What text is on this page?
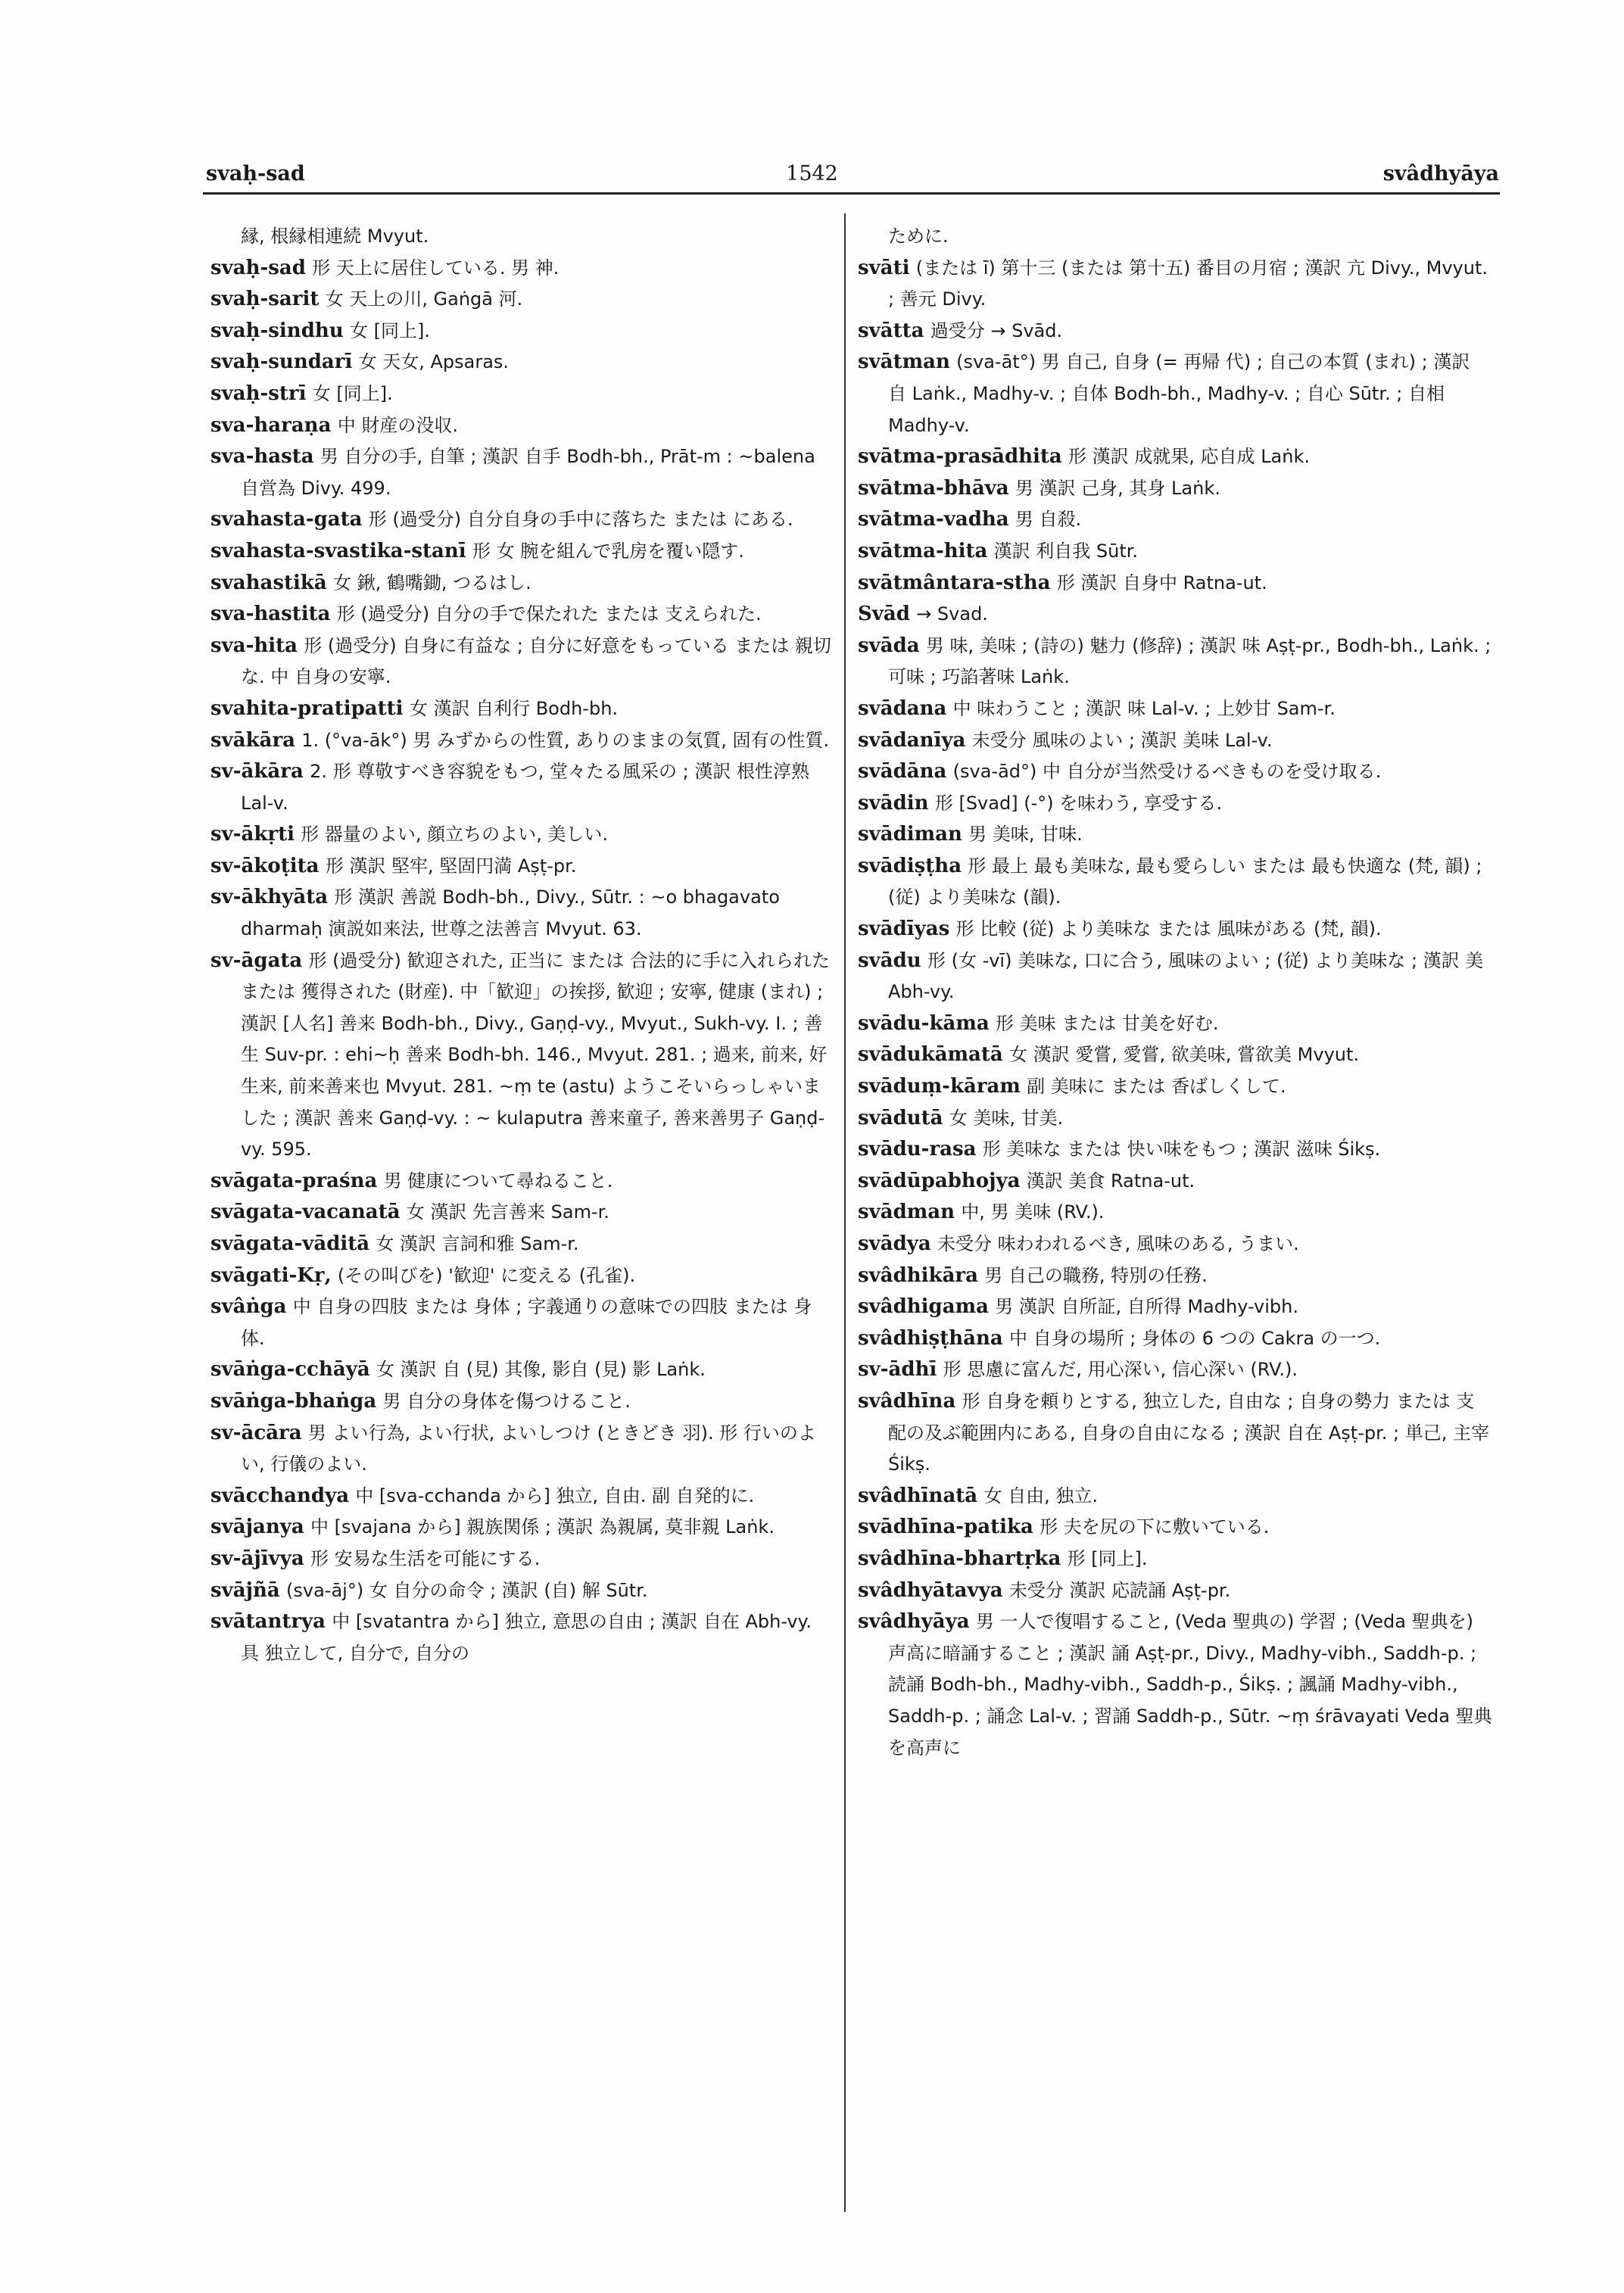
svaḥ-sad	1542	svâdhyāya
縁, 根縁相連続 Mvyut.
svaḥ-sad 形 天上に居住している. 男 神.
svaḥ-sarit 女 天上の川, Gaṅgā 河.
svaḥ-sindhu 女 [同上].
svaḥ-sundarī 女 天女, Apsaras.
svaḥ-strī 女 [同上].
sva-haraṇa 中 財産の没収.
sva-hasta 男 自分の手, 自筆 ; 漢訳 自手 Bodh-bh., Prāt-m : ~balena 自営為 Divy. 499.
svahasta-gata 形 (過受分) 自分自身の手中に落ちた または にある.
svahasta-svastika-stanī 形 女 腕を組んで乳房を覆い隠す.
svahastikā 女 鍬, 鶴嘴鋤, つるはし.
sva-hastita 形 (過受分) 自分の手で保たれた または 支えられた.
sva-hita 形 (過受分) 自身に有益な ; 自分に好意をもっている または 親切な. 中 自身の安寧.
svahita-pratipatti 女 漢訳 自利行 Bodh-bh.
svākāra 1. (°va-āk°) 男 みずからの性質, ありのままの気質, 固有の性質.
sv-ākāra 2. 形 尊敬すべき容貌をもつ, 堂々たる風采の ; 漢訳 根性淳熟 Lal-v.
sv-ākṛti 形 器量のよい, 顔立ちのよい, 美しい.
sv-ākoṭita 形 漢訳 堅牢, 堅固円満 Aṣṭ-pr.
sv-ākhyāta 形 漢訳 善説 Bodh-bh., Divy., Sūtr. : ~o bhagavato dharmaḥ 演説如来法, 世尊之法善言 Mvyut. 63.
sv-āgata 形 (過受分) 歓迎された, 正当に または 合法的に手に入れられた または 獲得された (財産). 中「歓迎」の挨拶, 歓迎 ; 安寧, 健康 (まれ) ; 漢訳 [人名] 善来 Bodh-bh., Divy., Gaṇḍ-vy., Mvyut., Sukh-vy. I. ; 善生 Suv-pr. : ehi~ḥ 善来 Bodh-bh. 146., Mvyut. 281. ; 過来, 前来, 好生来, 前来善来也 Mvyut. 281. ~ṃ te (astu) ようこそいらっしゃいました ; 漢訳 善来 Gaṇḍ-vy. : ~ kulaputra 善来童子, 善来善男子 Gaṇḍ-vy. 595.
svāgata-praśna 男 健康について尋ねること.
svāgata-vacanatā 女 漢訳 先言善来 Sam-r.
svāgata-vāditā 女 漢訳 言詞和雅 Sam-r.
svāgati-Kṛ, (その叫びを) '歓迎' に変える (孔雀).
svâṅga 中 自身の四肢 または 身体 ; 字義通りの意味での四肢 または 身体.
svāṅga-cchāyā 女 漢訳 自 (見) 其像, 影自 (見) 影 Laṅk.
svāṅga-bhaṅga 男 自分の身体を傷つけること.
sv-ācāra 男 よい行為, よい行状, よいしつけ (ときどき 羽). 形 行いのよい, 行儀のよい.
svācchandya 中 [sva-cchanda から] 独立, 自由. 副 自発的に.
svājanya 中 [svajana から] 親族関係 ; 漢訳 為親属, 莫非親 Laṅk.
sv-ājīvya 形 安易な生活を可能にする.
svājñā (sva-āj°) 女 自分の命令 ; 漢訳 (自) 解 Sūtr.
svātantrya 中 [svatantra から] 独立, 意思の自由 ; 漢訳 自在 Abh-vy. 具 独立して, 自分で, 自分の
ために.
svāti (または ī) 第十三 (または 第十五) 番目の月宿 ; 漢訳 亢 Divy., Mvyut. ; 善元 Divy.
svātta 過受分 → Svād.
svātman (sva-āt°) 男 自己, 自身 (= 再帰 代) ; 自己の本質 (まれ) ; 漢訳 自 Laṅk., Madhy-v. ; 自体 Bodh-bh., Madhy-v. ; 自心 Sūtr. ; 自相 Madhy-v.
svātma-prasādhita 形 漢訳 成就果, 応自成 Laṅk.
svātma-bhāva 男 漢訳 己身, 其身 Laṅk.
svātma-vadha 男 自殺.
svātma-hita 漢訳 利自我 Sūtr.
svātmântara-stha 形 漢訳 自身中 Ratna-ut.
Svād → Svad.
svāda 男 味, 美味 ; (詩の) 魅力 (修辞) ; 漢訳 味 Aṣṭ-pr., Bodh-bh., Laṅk. ; 可味 ; 巧諂著味 Laṅk.
svādana 中 味わうこと ; 漢訳 味 Lal-v. ; 上妙甘 Sam-r.
svādanīya 未受分 風味のよい ; 漢訳 美味 Lal-v.
svādāna (sva-ād°) 中 自分が当然受けるべきものを受け取る.
svādin 形 [Svad] (-°) を味わう, 享受する.
svādiman 男 美味, 甘味.
svādiṣṭha 形 最上 最も美味な, 最も愛らしい または 最も快適な (梵, 韻) ; (従) より美味な (韻).
svādīyas 形 比較 (従) より美味な または 風味がある (梵, 韻).
svādu 形 (女 -vī) 美味な, 口に合う, 風味のよい ; (従) より美味な ; 漢訳 美 Abh-vy.
svādu-kāma 形 美味 または 甘美を好む.
svādukāmatā 女 漢訳 愛嘗, 愛嘗, 欲美味, 嘗欲美 Mvyut.
svāduṃ-kāram 副 美味に または 香ばしくして.
svādutā 女 美味, 甘美.
svādu-rasa 形 美味な または 快い味をもつ ; 漢訳 滋味 Śikṣ.
svādūpabhojya 漢訳 美食 Ratna-ut.
svādman 中, 男 美味 (RV.).
svādya 未受分 味わわれるべき, 風味のある, うまい.
svâdhikāra 男 自己の職務, 特別の任務.
svâdhigama 男 漢訳 自所証, 自所得 Madhy-vibh.
svâdhiṣṭhāna 中 自身の場所 ; 身体の 6 つの Cakra の一つ.
sv-ādhī 形 思慮に富んだ, 用心深い, 信心深い (RV.).
svâdhīna 形 自身を頼りとする, 独立した, 自由な ; 自身の勢力 または 支配の及ぶ範囲内にある, 自身の自由になる ; 漢訳 自在 Aṣṭ-pr. ; 単己, 主宰 Śikṣ.
svâdhīnatā 女 自由, 独立.
svādhīna-patika 形 夫を尻の下に敷いている.
svâdhīna-bhartṛka 形 [同上].
svâdhyātavya 未受分 漢訳 応読誦 Aṣṭ-pr.
svâdhyāya 男 一人で復唱すること, (Veda 聖典の) 学習 ; (Veda 聖典を) 声高に暗誦すること ; 漢訳 誦 Aṣṭ-pr., Divy., Madhy-vibh., Saddh-p. ; 読誦 Bodh-bh., Madhy-vibh., Saddh-p., Śikṣ. ; 諷誦 Madhy-vibh., Saddh-p. ; 誦念 Lal-v. ; 習誦 Saddh-p., Sūtr. ~ṃ śrāvayati Veda 聖典を高声に
